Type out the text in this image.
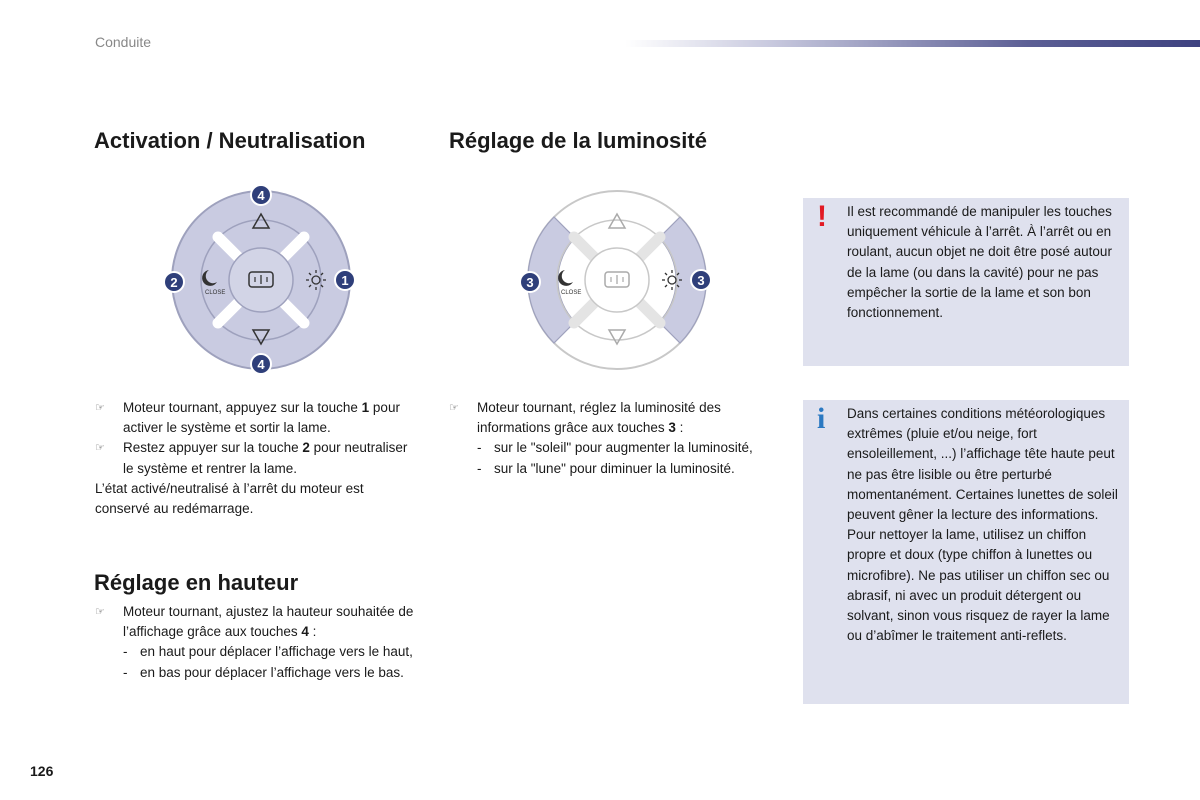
Conduite
Activation / Neutralisation	Réglage de la luminosité
Réglage en hauteur
CLOSE
4
4
2	1
CLOSE
3	3
☞ Moteur tournant, appuyez sur la touche 1 pour activer le système et sortir la lame.
☞ Restez appuyer sur la touche 2 pour neutraliser le système et rentrer la lame.
L’état activé/neutralisé à l’arrêt du moteur est conservé au redémarrage.
☞ Moteur tournant, réglez la luminosité des informations grâce aux touches 3 :
- sur le "soleil" pour augmenter la luminosité,
- sur la "lune" pour diminuer la luminosité.
☞ Moteur tournant, ajustez la hauteur souhaitée de l’affichage grâce aux touches 4 :
- en haut pour déplacer l’affichage vers le haut,
- en bas pour déplacer l’affichage vers le bas.
! Il est recommandé de manipuler les touches uniquement véhicule à l’arrêt. À l’arrêt ou en roulant, aucun objet ne doit être posé autour de la lame (ou dans la cavité) pour ne pas empêcher la sortie de la lame et son bon fonctionnement.
i Dans certaines conditions météorologiques extrêmes (pluie et/ou neige, fort ensoleillement, ...) l’affichage tête haute peut ne pas être lisible ou être perturbé momentanément. Certaines lunettes de soleil peuvent gêner la lecture des informations. Pour nettoyer la lame, utilisez un chiffon propre et doux (type chiffon à lunettes ou microfibre). Ne pas utiliser un chiffon sec ou abrasif, ni avec un produit détergent ou solvant, sinon vous risquez de rayer la lame ou d’abîmer le traitement anti-reflets.
126
